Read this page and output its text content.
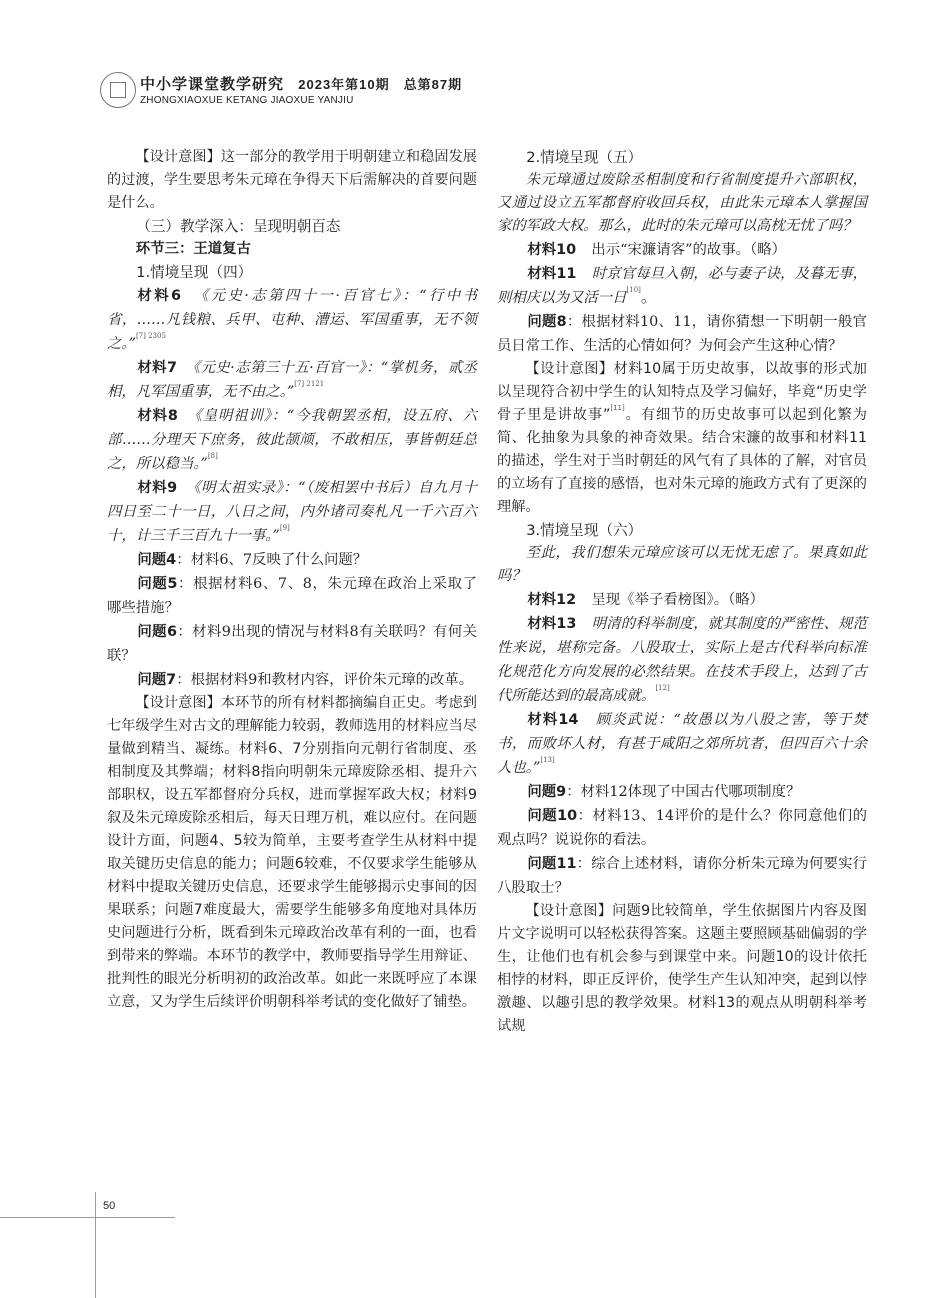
中小学课堂教学研究 2023年第10期　总第87期
ZHONGXIAOXUE KETANG JIAOXUE YANJIU

【设计意图】这一部分的教学用于明朝建立和稳固发展的过渡，学生要思考朱元璋在争得天下后需解决的首要问题是什么。

（三）教学深入：呈现明朝百态

环节三：王道复古

1.情境呈现（四）

材料6　 《元史·志第四十一·百官七》：“行中书省，……凡钱粮、兵甲、屯种、漕运、军国重事，无不领之。”$^{[7] 2305}$

材料7　 《元史·志第三十五·百官一》：“掌机务，贰丞相，凡军国重事，无不由之。”$^{[7] 2121}$

材料8　 《皇明祖训》：“今我朝罢丞相，设五府、六部……分理天下庶务，彼此颉颃，不敢相压，事皆朝廷总之，所以稳当。”[8]

材料9　 《明太祖实录》：“（废相罢中书后）自九月十四日至二十一日，八日之间，内外诸司奏札凡一千六百六十，计三千三百九十一事。”[9]

问题4：材料6、7反映了什么问题？

问题5：根据材料6、7、8，朱元璋在政治上采取了哪些措施？

问题6：材料9出现的情况与材料8有关联吗？有何关联？

问题7：根据材料9和教材内容，评价朱元璋的改革。

【设计意图】本环节的所有材料都摘编自正史。考虑到七年级学生对古文的理解能力较弱，教师选用的材料应当尽量做到精当、凝练。材料6、7分别指向元朝行省制度、丞相制度及其弊端；材料8指向明朝朱元璋废除丞相、提升六部职权，设五军都督府分兵权，进而掌握军政大权；材料9叙及朱元璋废除丞相后，每天日理万机，难以应付。在问题设计方面，问题4、5较为简单，主要考查学生从材料中提取关键历史信息的能力；问题6较难，不仅要求学生能够从材料中提取关键历史信息，还要求学生能够揭示史事间的因果联系；问题7难度最大，需要学生能够多角度地对具体历史问题进行分析，既看到朱元璋政治改革有利的一面，也看到带来的弊端。本环节的教学中，教师要指导学生用辩证、批判性的眼光分析明初的政治改革。如此一来既呼应了本课立意，又为学生后续评价明朝科举考试的变化做好了铺垫。

2.情境呈现（五）

朱元璋通过废除丞相制度和行省制度提升六部职权，又通过设立五军都督府收回兵权，由此朱元璋本人掌握国家的军政大权。那么，此时的朱元璋可以高枕无忧了吗？

材料10　 出示“宋濂请客”的故事。（略）

材料11　 时京官每旦入朝，必与妻子诀，及暮无事，则相庆以为又活一日[10]。

问题8：根据材料10、11，请你猜想一下明朝一般官员日常工作、生活的心情如何？为何会产生这种心情？

【设计意图】材料10属于历史故事，以故事的形式加以呈现符合初中学生的认知特点及学习偏好，毕竟“历史学骨子里是讲故事”[11]。有细节的历史故事可以起到化繁为简、化抽象为具象的神奇效果。结合宋濂的故事和材料11的描述，学生对于当时朝廷的风气有了具体的了解，对官员的立场有了直接的感悟，也对朱元璋的施政方式有了更深的理解。

3.情境呈现（六）

至此，我们想朱元璋应该可以无忧无虑了。果真如此吗？

材料12　 呈现《举子看榜图》。（略）

材料13　 明清的科举制度，就其制度的严密性、规范性来说，堪称完备。八股取士，实际上是古代科举向标准化规范化方向发展的必然结果。在技术手段上，达到了古代所能达到的最高成就。[12]

材料14　 顾炎武说：“故愚以为八股之害，等于焚书，而败坏人材，有甚于咸阳之郊所坑者，但四百六十余人也。”[13]

问题9：材料12体现了中国古代哪项制度？

问题10：材料13、14评价的是什么？你同意他们的观点吗？说说你的看法。

问题11：综合上述材料，请你分析朱元璋为何要实行八股取士？

【设计意图】问题9比较简单，学生依据图片内容及图片文字说明可以轻松获得答案。这题主要照顾基础偏弱的学生，让他们也有机会参与到课堂中来。问题10的设计依托相悖的材料，即正反评价，使学生产生认知冲突，起到以悖激趣、以趣引思的教学效果。材料13的观点从明朝科举考试规

50
